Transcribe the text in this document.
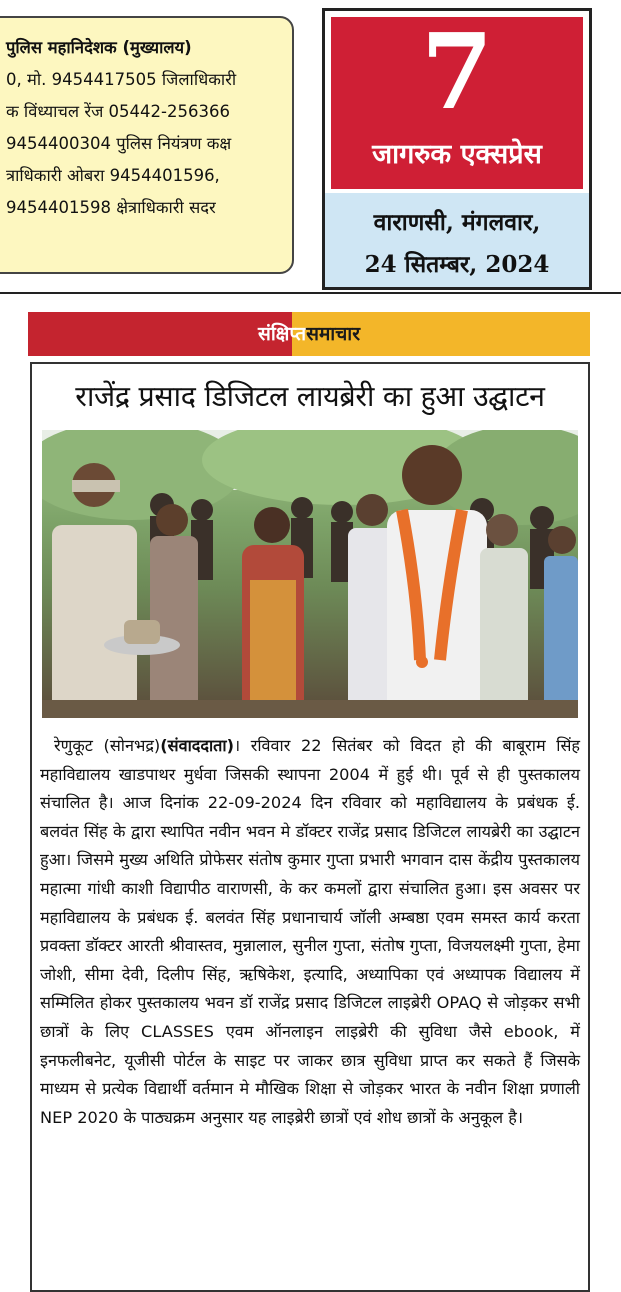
पुलिस महानिदेशक (मुख्यालय)
0, मो. 9454417505 जिलाधिकारी
क विंध्याचल रेंज 05442-256366
9454400304 पुलिस नियंत्रण कक्ष
त्राधिकारी ओबरा 9454401596,
9454401598 क्षेत्राधिकारी सदर
7
जागरुक एक्सप्रेस
वाराणसी, मंगलवार,
24 सितम्बर, 2024
संक्षिप्तसमाचार
राजेंद्र प्रसाद डिजिटल लायब्रेरी का हुआ उद्घाटन
रेणुकूट (सोनभद्र)(संवाददाता)। रविवार 22 सितंबर को विदत हो की बाबूराम सिंह महाविद्यालय खाडपाथर मुर्धवा जिसकी स्थापना 2004 में हुई थी। पूर्व से ही पुस्तकालय संचालित है। आज दिनांक 22-09-2024 दिन रविवार को महाविद्यालय के प्रबंधक ई. बलवंत सिंह के द्वारा स्थापित नवीन भवन मे डॉक्टर राजेंद्र प्रसाद डिजिटल लायब्रेरी का उद्घाटन हुआ। जिसमे मुख्य अथिति प्रोफेसर संतोष कुमार गुप्ता प्रभारी भगवान दास केंद्रीय पुस्तकालय महात्मा गांधी काशी विद्यापीठ वाराणसी, के कर कमलों द्वारा संचालित हुआ। इस अवसर पर महाविद्यालय के प्रबंधक ई. बलवंत सिंह प्रधानाचार्य जॉली अम्बष्ठा एवम समस्त कार्य करता प्रवक्ता डॉक्टर आरती श्रीवास्तव, मुन्नालाल, सुनील गुप्ता, संतोष गुप्ता, विजयलक्ष्मी गुप्ता, हेमा जोशी, सीमा देवी, दिलीप सिंह, ऋषिकेश, इत्यादि, अध्यापिका एवं अध्यापक विद्यालय में सम्मिलित होकर पुस्तकालय भवन डॉ राजेंद्र प्रसाद डिजिटल लाइब्रेरी OPAQ से जोड़कर सभी छात्रों के लिए CLASSES एवम ऑनलाइन लाइब्रेरी की सुविधा जैसे ebook, में इनफलीबनेट, यूजीसी पोर्टल के साइट पर जाकर छात्र सुविधा प्राप्त कर सकते हैं जिसके माध्यम से प्रत्येक विद्यार्थी वर्तमान मे मौखिक शिक्षा से जोड़कर भारत के नवीन शिक्षा प्रणाली NEP 2020 के पाठ्यक्रम अनुसार यह लाइब्रेरी छात्रों एवं शोध छात्रों के अनुकूल है।
